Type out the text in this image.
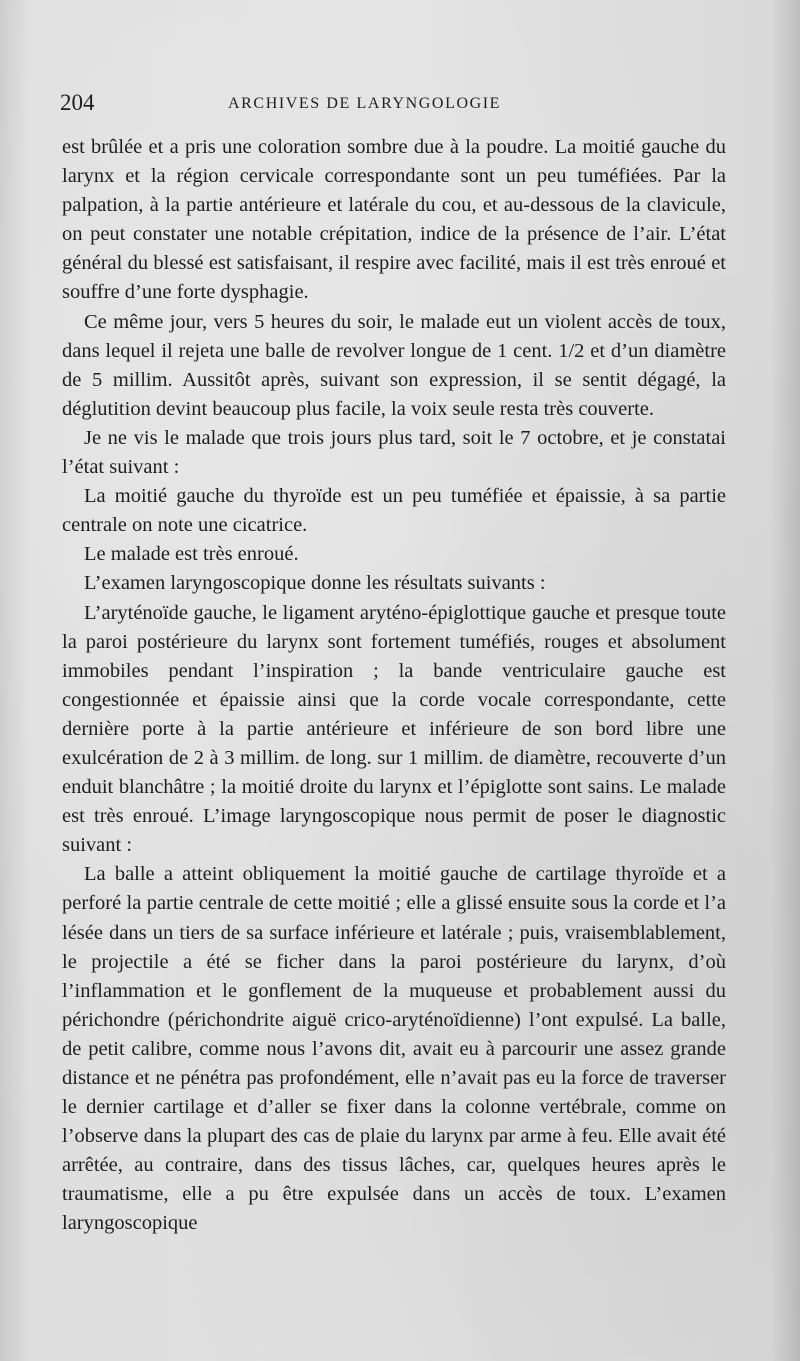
204	ARCHIVES DE LARYNGOLOGIE

est brûlée et a pris une coloration sombre due à la poudre. La moitié gauche du larynx et la région cervicale correspondante sont un peu tuméfiées. Par la palpation, à la partie antérieure et latérale du cou, et au-dessous de la clavicule, on peut constater une notable crépitation, indice de la présence de l’air. L’état général du blessé est satisfaisant, il respire avec facilité, mais il est très enroué et souffre d’une forte dysphagie.

Ce même jour, vers 5 heures du soir, le malade eut un violent accès de toux, dans lequel il rejeta une balle de revolver longue de 1 cent. 1/2 et d’un diamètre de 5 millim. Aussitôt après, suivant son expression, il se sentit dégagé, la déglutition devint beaucoup plus facile, la voix seule resta très couverte.

Je ne vis le malade que trois jours plus tard, soit le 7 octobre, et je constatai l’état suivant :

La moitié gauche du thyroïde est un peu tuméfiée et épaissie, à sa partie centrale on note une cicatrice.

Le malade est très enroué.

L’examen laryngoscopique donne les résultats suivants :

L’aryténoïde gauche, le ligament aryténo-épiglottique gauche et presque toute la paroi postérieure du larynx sont fortement tuméfiés, rouges et absolument immobiles pendant l’inspiration ; la bande ventriculaire gauche est congestionnée et épaissie ainsi que la corde vocale correspondante, cette dernière porte à la partie antérieure et inférieure de son bord libre une exulcération de 2 à 3 millim. de long. sur 1 millim. de diamètre, recouverte d’un enduit blanchâtre ; la moitié droite du larynx et l’épiglotte sont sains. Le malade est très enroué. L’image laryngoscopique nous permit de poser le diagnostic suivant :

La balle a atteint obliquement la moitié gauche de cartilage thyroïde et a perforé la partie centrale de cette moitié ; elle a glissé ensuite sous la corde et l’a lésée dans un tiers de sa surface inférieure et latérale ; puis, vraisemblablement, le projectile a été se ficher dans la paroi postérieure du larynx, d’où l’inflammation et le gonflement de la muqueuse et probablement aussi du périchondre (périchondrite aiguë crico-aryténoïdienne) l’ont expulsé. La balle, de petit calibre, comme nous l’avons dit, avait eu à parcourir une assez grande distance et ne pénétra pas profondément, elle n’avait pas eu la force de traverser le dernier cartilage et d’aller se fixer dans la colonne vertébrale, comme on l’observe dans la plupart des cas de plaie du larynx par arme à feu. Elle avait été arrêtée, au contraire, dans des tissus lâches, car, quelques heures après le traumatisme, elle a pu être expulsée dans un accès de toux. L’examen laryngoscopique
